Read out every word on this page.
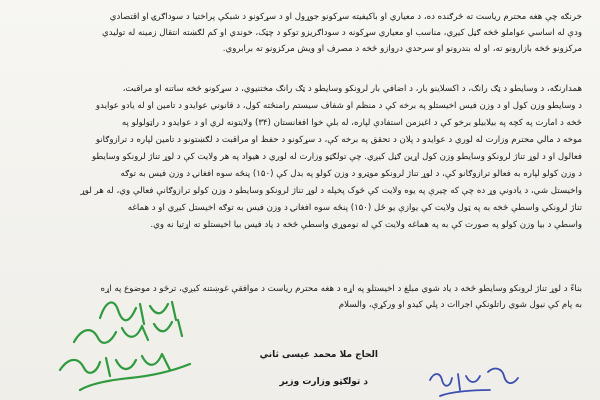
خرنګه چې هغه محترم ریاست ته څرګنده ده، د معیاري او باکیفیته سړکونو جوړول او د سړکونو د شبکې پراختیا د سوداګرۍ او اقتصادي
ودې له اساسي عواملو څخه ګڼل کیږي، مناسب او معیاري سړکونه د سوداګریزو توکو د چټک، خوندي او کم لګښته انتقال زمینه له تولیدي
مرکزونو څخه بازارونو ته، او له بندرونو او سرحدي دروازو څخه د مصرف او ویش مرکزونو ته برابروي.
همدارنګه، د وسایطو د ټګ رانګ، د اکسلاینو بار، د اضافي بار لرونکو وسایطو د ټګ رانګ مختنیوي، د سړکونو څخه ساتنه او مراقبت،
د وسایطو وزن کول او د وزن فیس اخیستلو په برخه کې د منظم او شفاف سیستم رامنځته کول، د قانوني عوایدو د تأمین او له یادو عوایدو
څخه د امارت په کچه په بیلابیلو برخو کې د اغیزمن استفادې لپاره، له بلې خوا افغانستان (۳۴) ولایتونه لري او د عوایدو د راټولولو په
موخه د مالي محترم وزارت له لوري د عوایدو د پلان د تحقق په برخه کې، د سړکونو د حفظ او مراقبت د لګښتونو د تأمین لپاره د ترازوګانو
فعالول او د لوړ تناژ لرونکو وسایطو وزن کول اړین ګڼل کیږي. چې تولګټو وزارت له لوري د هیواد په هر ولایت کې د لوړ تناژ لرونکو وسایطو
د وزن کولو لپاره به فعالو ترازوګانو کې، د لوړ تناژ لرونکو موټرو د وزن کولو په بدل کې (۱۵۰) پنځه سوه افغانۍ د وزن فیس به توګه
واخیستل شي، د یادونې وړ ده چې که چیرې په یوه ولایت کې څوک پخپله د لوړ تناژ لرونکو وسایطو د وزن کولو ترازوګانې فعالې وي، له هر لوړ
تناژ لرونکي واسطې څخه به په ټول ولایت کې یوازې یو ځل (۱۵۰) پنځه سوه افغانۍ د وزن فیس به توګه اخیستل کیږي او د هماغه
واسطې د بیا وزن کولو په صورت کې به په هماغه ولایت کې له نوموړي واسطې څخه د یاد فیس بیا اخیستلو ته اړتیا نه وي.
بناءً د لوړ تناژ لرونکو وسایطو څخه د یاد شوي مبلغ د اخیستلو په اړه د هغه محترم ریاست د موافقې غوښتنه کیږي، ترڅو د موضوع په اړه
به پام کې نیول شوي راتلونکې اجراآت د پلي کیدو او ورکړې، والسلام
الحاج ملا محمد عیسی ثاني
د تولګټو وزارت وزیر
